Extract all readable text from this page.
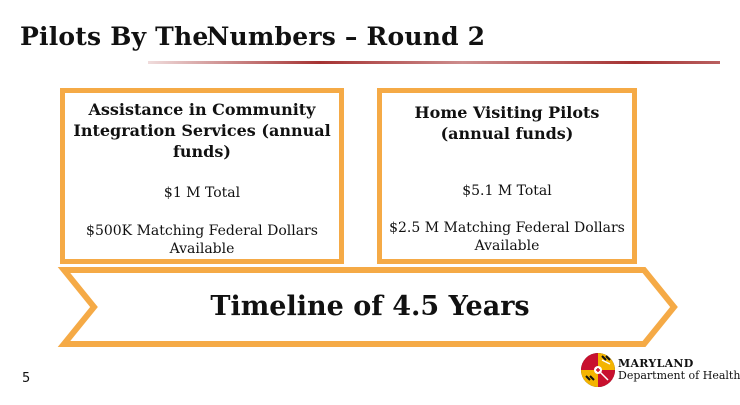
Pilots By TheNumbers – Round 2
Assistance in Community Integration Services (annual funds)
$1 M Total
$500K Matching Federal Dollars Available
Home Visiting Pilots (annual funds)
$5.1 M Total
$2.5 M Matching Federal Dollars Available
Timeline of 4.5 Years
5
MARYLAND
Department of Health
